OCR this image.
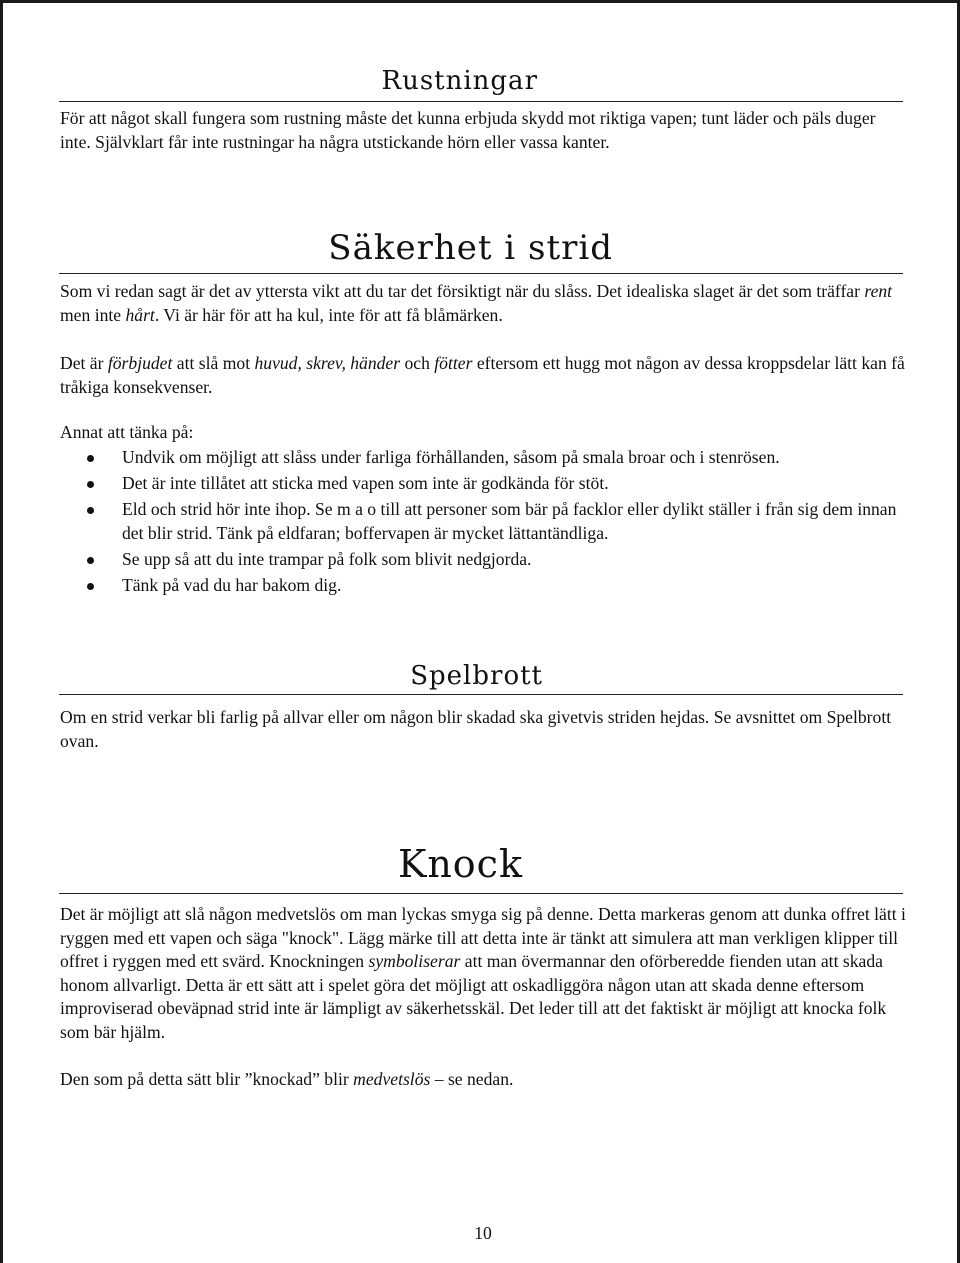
Rustningar
För att något skall fungera som rustning måste det kunna erbjuda skydd mot riktiga vapen; tunt läder och päls duger inte. Självklart får inte rustningar ha några utstickande hörn eller vassa kanter.
Säkerhet i strid
Som vi redan sagt är det av yttersta vikt att du tar det försiktigt när du slåss. Det idealiska slaget är det som träffar rent men inte hårt. Vi är här för att ha kul, inte för att få blåmärken.
Det är förbjudet att slå mot huvud, skrev, händer och fötter eftersom ett hugg mot någon av dessa kroppsdelar lätt kan få tråkiga konsekvenser.
Annat att tänka på:
Undvik om möjligt att slåss under farliga förhållanden, såsom på smala broar och i stenrösen.
Det är inte tillåtet att sticka med vapen som inte är godkända för stöt.
Eld och strid hör inte ihop. Se m a o till att personer som bär på facklor eller dylikt ställer i från sig dem innan det blir strid. Tänk på eldfaran; boffervapen är mycket lättantändliga.
Se upp så att du inte trampar på folk som blivit nedgjorda.
Tänk på vad du har bakom dig.
Spelbrott
Om en strid verkar bli farlig på allvar eller om någon blir skadad ska givetvis striden hejdas. Se avsnittet om Spelbrott ovan.
Knock
Det är möjligt att slå någon medvetslös om man lyckas smyga sig på denne. Detta markeras genom att dunka offret lätt i ryggen med ett vapen och säga "knock". Lägg märke till att detta inte är tänkt att simulera att man verkligen klipper till offret i ryggen med ett svärd. Knockningen symboliserar att man övermannar den oförberedde fienden utan att skada honom allvarligt. Detta är ett sätt att i spelet göra det möjligt att oskadliggöra någon utan att skada denne eftersom improviserad obeväpnad strid inte är lämpligt av säkerhetsskäl. Det leder till att det faktiskt är möjligt att knocka folk som bär hjälm.
Den som på detta sätt blir ”knockad” blir medvetslös – se nedan.
10
